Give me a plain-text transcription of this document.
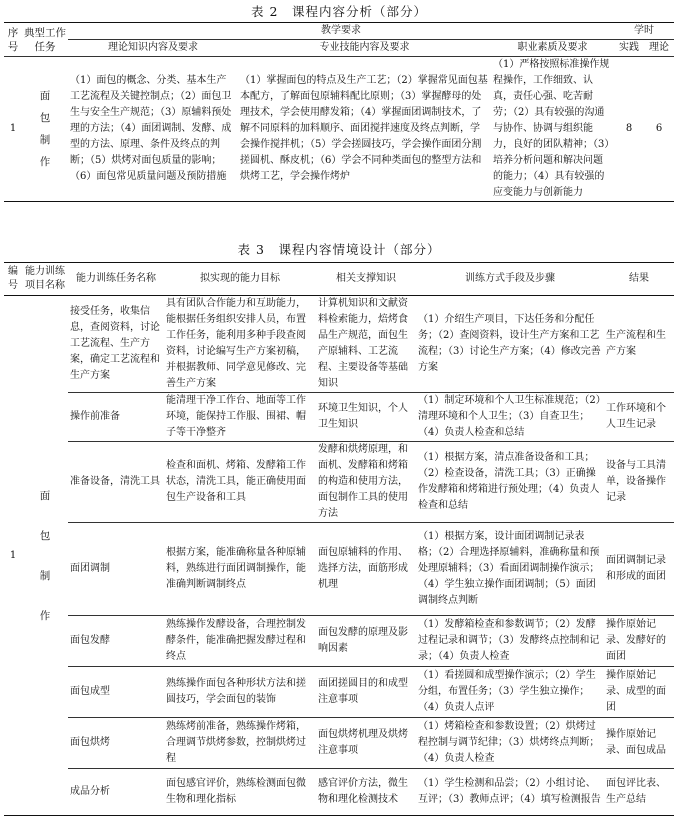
表 2　课程内容分析（部分）
序号	典型工作任务	教学要求			学时	
		理论知识内容及要求	专业技能内容及要求	职业素质及要求	实践	理论
1	面包制作	（1）面包的概念、分类、基本生产工艺流程及关键控制点；（2）面包卫生与安全生产规范；（3）原辅料预处理的方法；（4）面团调制、发酵、成型的方法、原理、条件及终点的判断；（5）烘烤对面包质量的影响；（6）面包常见质量问题及预防措施	（1）掌握面包的特点及生产工艺；（2）掌握常见面包基本配方，了解面包原辅料配比原则；（3）掌握酵母的处理技术，学会使用酵发箱；（4）掌握面团调制技术，了解不同原料的加料顺序、面团搅拌速度及终点判断，学会操作搅拌机；（5）学会搓圆技巧，学会操作面团分割搓圆机、酥皮机；（6）学会不同种类面包的整型方法和烘烤工艺，学会操作烤炉	（1）严格按照标准操作规程操作，工作细致、认真，责任心强、吃苦耐劳；（2）具有较强的沟通与协作、协调与组织能力，良好的团队精神；（3）培养分析问题和解决问题的能力；（4）具有较强的应变能力与创新能力	8	6
表 3　课程内容情境设计（部分）
编号	能力训练项目名称	能力训练任务名称	拟实现的能力目标	相关支撑知识	训练方式手段及步骤	结果
1	面包制作	接受任务，收集信息，查阅资料，讨论工艺流程、生产方案，确定工艺流程和生产方案	具有团队合作能力和互助能力，能根据任务组织安排人员，布置工作任务，能利用多种手段查阅资料，讨论编写生产方案初稿，并根据教师、同学意见修改、完善生产方案	计算机知识和文献资料检索能力，焙烤食品生产规范，面包生产原辅料、工艺流程、主要设备等基础知识	（1）介绍生产项目，下达任务和分配任务；（2）查阅资料，设计生产方案和工艺流程；（3）讨论生产方案；（4）修改完善方案	生产流程和生产方案
		操作前准备	能清理干净工作台、地面等工作环境，能保持工作服、围裙、帽子等干净整齐	环境卫生知识，个人卫生知识	（1）制定环境和个人卫生标准规范；（2）清理环境和个人卫生；（3）自查卫生；（4）负责人检查和总结	工作环境和个人卫生记录
		准备设备，清洗工具	检查和面机、烤箱、发酵箱工作状态，清洗工具，能正确使用面包生产设备和工具	发酵和烘烤原理，和面机、发酵箱和烤箱的构造和使用方法，面包制作工具的使用方法	（1）根据方案，清点准备设备和工具；（2）检查设备，清洗工具；（3）正确操作发酵箱和烤箱进行预处理；（4）负责人检查和总结	设备与工具清单，设备操作记录
		面团调制	根据方案，能准确称量各种原辅料，熟练进行面团调制操作，能准确判断调制终点	面包原辅料的作用、选择方法，面筋形成机理	（1）根据方案，设计面团调制记录表格；（2）合理选择原辅料，准确称量和预处理原辅料；（3）看面团调制操作演示；（4）学生独立操作面团调制；（5）面团调制终点判断	面团调制记录和形成的面团
		面包发酵	熟练操作发酵设备，合理控制发酵条件，能准确把握发酵过程和终点	面包发酵的原理及影响因素	（1）发酵箱检查和参数调节；（2）发酵过程记录和调节；（3）发酵终点控制和记录；（4）负责人检查	操作原始记录、发酵好的面团
		面包成型	熟练操作面包各种形状方法和搓圆技巧，学会面包的装饰	面团搓圆目的和成型注意事项	（1）看搓圆和成型操作演示；（2）学生分组，布置任务；（3）学生独立操作；（4）负责人点评	操作原始记录、成型的面团
		面包烘烤	熟练烤前准备，熟练操作烤箱，合理调节烘烤参数，控制烘烤过程	面包烘烤机理及烘烤注意事项	（1）烤箱检查和参数设置；（2）烘烤过程控制与调节纪律；（3）烘烤终点判断；（4）负责人检查	操作原始记录、面包成品
		成品分析	面包感官评价，熟练检测面包微生物和理化指标	感官评价方法，微生物和理化检测技术	（1）学生检测和品尝；（2）小组讨论、互评；（3）教师点评；（4）填写检测报告	面包评比表、生产总结
